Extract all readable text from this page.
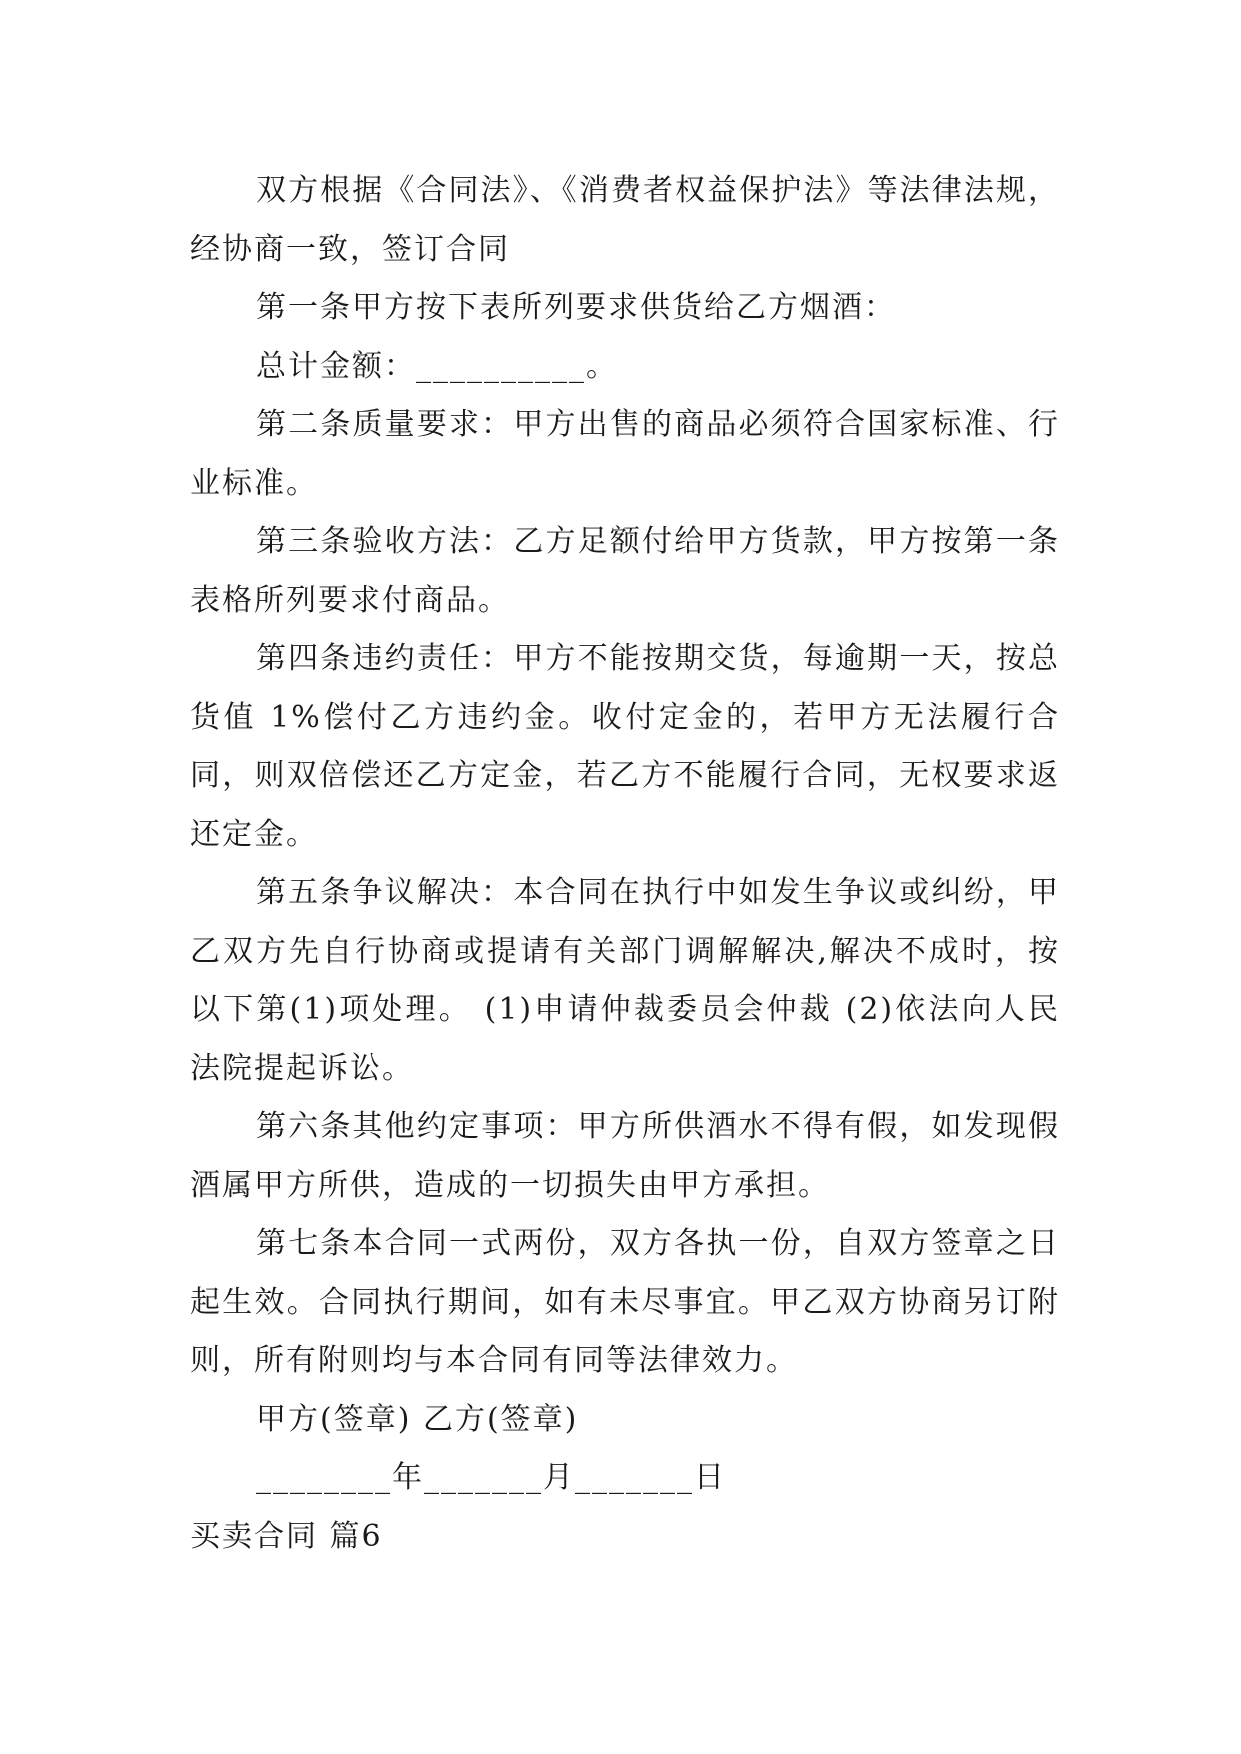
双方根据《合同法》、《消费者权益保护法》等法律法规，经协商一致，签订合同

第一条甲方按下表所列要求供货给乙方烟酒：

总计金额：__________。

第二条质量要求：甲方出售的商品必须符合国家标准、行业标准。

第三条验收方法：乙方足额付给甲方货款，甲方按第一条表格所列要求付商品。

第四条违约责任：甲方不能按期交货，每逾期一天，按总货值 1%偿付乙方违约金。收付定金的，若甲方无法履行合同，则双倍偿还乙方定金，若乙方不能履行合同，无权要求返还定金。

第五条争议解决：本合同在执行中如发生争议或纠纷，甲乙双方先自行协商或提请有关部门调解解决,解决不成时，按以下第(1)项处理。 (1)申请仲裁委员会仲裁 (2)依法向人民法院提起诉讼。

第六条其他约定事项：甲方所供酒水不得有假，如发现假酒属甲方所供，造成的一切损失由甲方承担。

第七条本合同一式两份，双方各执一份，自双方签章之日起生效。合同执行期间，如有未尽事宜。甲乙双方协商另订附则，所有附则均与本合同有同等法律效力。

甲方(签章) 乙方(签章)

________年_______月_______日

买卖合同 篇6
